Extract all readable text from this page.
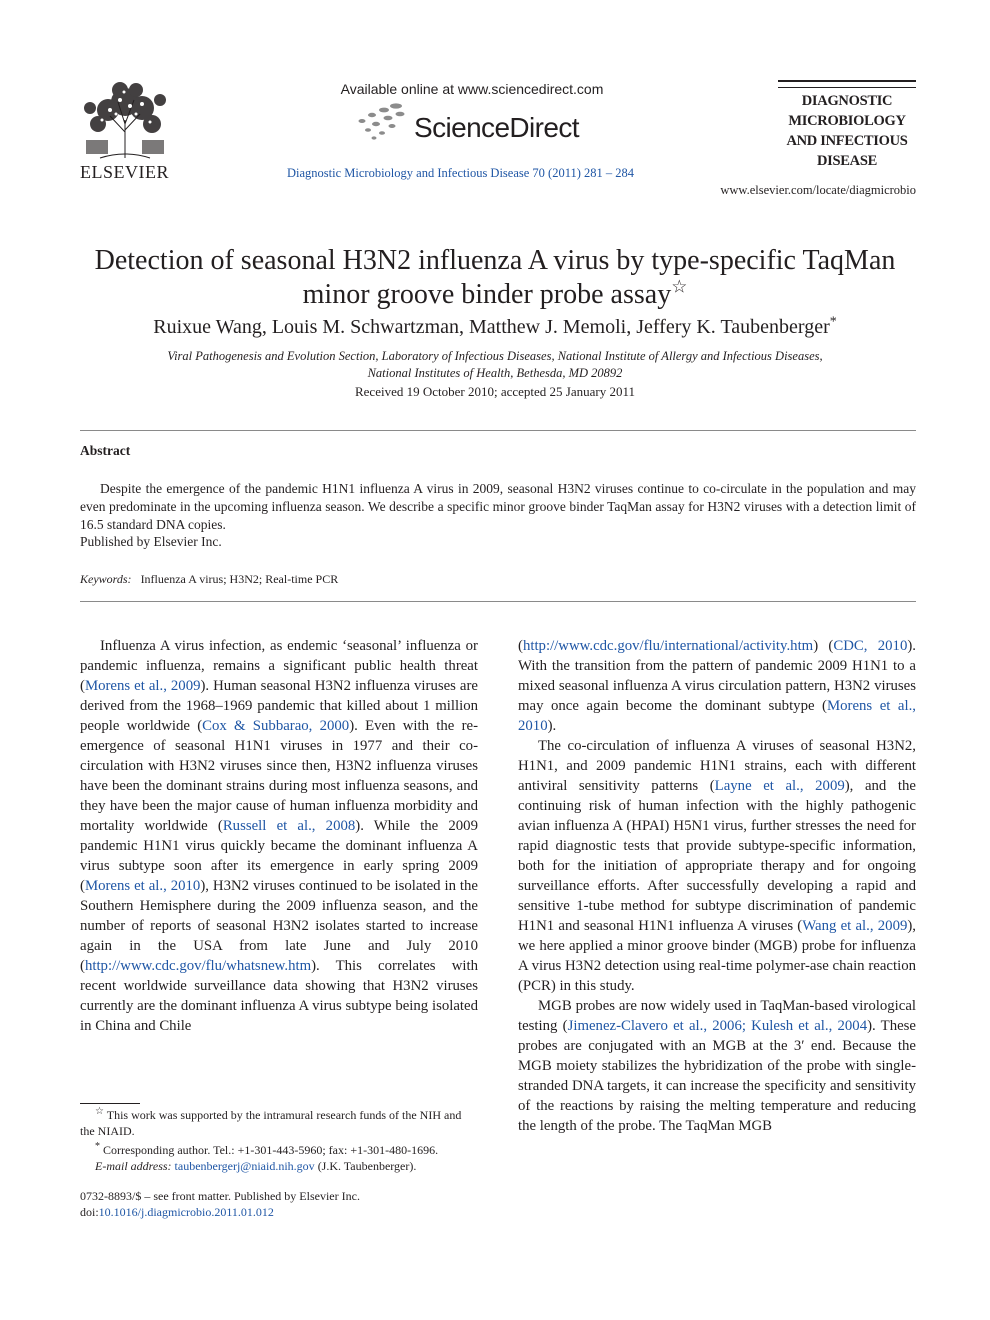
ELSEVIER
Available online at www.sciencedirect.com
ScienceDirect
Diagnostic Microbiology and Infectious Disease 70 (2011) 281 – 284
DIAGNOSTIC
MICROBIOLOGY
AND INFECTIOUS
DISEASE
www.elsevier.com/locate/diagmicrobio
Detection of seasonal H3N2 influenza A virus by type-specific TaqMan
minor groove binder probe assay☆
Ruixue Wang, Louis M. Schwartzman, Matthew J. Memoli, Jeffery K. Taubenberger*
Viral Pathogenesis and Evolution Section, Laboratory of Infectious Diseases, National Institute of Allergy and Infectious Diseases,
National Institutes of Health, Bethesda, MD 20892
Received 19 October 2010; accepted 25 January 2011
Abstract
Despite the emergence of the pandemic H1N1 influenza A virus in 2009, seasonal H3N2 viruses continue to co-circulate in the population and may even predominate in the upcoming influenza season. We describe a specific minor groove binder TaqMan assay for H3N2 viruses with a detection limit of 16.5 standard DNA copies.
Published by Elsevier Inc.
Keywords: Influenza A virus; H3N2; Real-time PCR

Influenza A virus infection, as endemic ‘seasonal’ influenza or pandemic influenza, remains a significant public health threat (Morens et al., 2009). Human seasonal H3N2 influenza viruses are derived from the 1968–1969 pandemic that killed about 1 million people worldwide (Cox & Subbarao, 2000). Even with the re-emergence of seasonal H1N1 viruses in 1977 and their co-circulation with H3N2 viruses since then, H3N2 influenza viruses have been the dominant strains during most influenza seasons, and they have been the major cause of human influenza morbidity and mortality worldwide (Russell et al., 2008). While the 2009 pandemic H1N1 virus quickly became the dominant influenza A virus subtype soon after its emergence in early spring 2009 (Morens et al., 2010), H3N2 viruses continued to be isolated in the Southern Hemisphere during the 2009 influenza season, and the number of reports of seasonal H3N2 isolates started to increase again in the USA from late June and July 2010 (http://www.cdc.gov/flu/whatsnew.htm). This correlates with recent worldwide surveillance data showing that H3N2 viruses currently are the dominant influenza A virus subtype being isolated in China and Chile

(http://www.cdc.gov/flu/international/activity.htm) (CDC, 2010). With the transition from the pattern of pandemic 2009 H1N1 to a mixed seasonal influenza A virus circulation pattern, H3N2 viruses may once again become the dominant subtype (Morens et al., 2010).

The co-circulation of influenza A viruses of seasonal H3N2, H1N1, and 2009 pandemic H1N1 strains, each with different antiviral sensitivity patterns (Layne et al., 2009), and the continuing risk of human infection with the highly pathogenic avian influenza A (HPAI) H5N1 virus, further stresses the need for rapid diagnostic tests that provide subtype-specific information, both for the initiation of appropriate therapy and for ongoing surveillance efforts. After successfully developing a rapid and sensitive 1-tube method for subtype discrimination of pandemic H1N1 and seasonal H1N1 influenza A viruses (Wang et al., 2009), we here applied a minor groove binder (MGB) probe for influenza A virus H3N2 detection using real-time polymer-ase chain reaction (PCR) in this study.

MGB probes are now widely used in TaqMan-based virological testing (Jimenez-Clavero et al., 2006; Kulesh et al., 2004). These probes are conjugated with an MGB at the 3′ end. Because the MGB moiety stabilizes the hybridization of the probe with single-stranded DNA targets, it can increase the specificity and sensitivity of the reactions by raising the melting temperature and reducing the length of the probe. The TaqMan MGB

☆ This work was supported by the intramural research funds of the NIH and the NIAID.
* Corresponding author. Tel.: +1-301-443-5960; fax: +1-301-480-1696.
E-mail address: taubenbergerj@niaid.nih.gov (J.K. Taubenberger).
0732-8893/$ – see front matter. Published by Elsevier Inc.
doi:10.1016/j.diagmicrobio.2011.01.012
